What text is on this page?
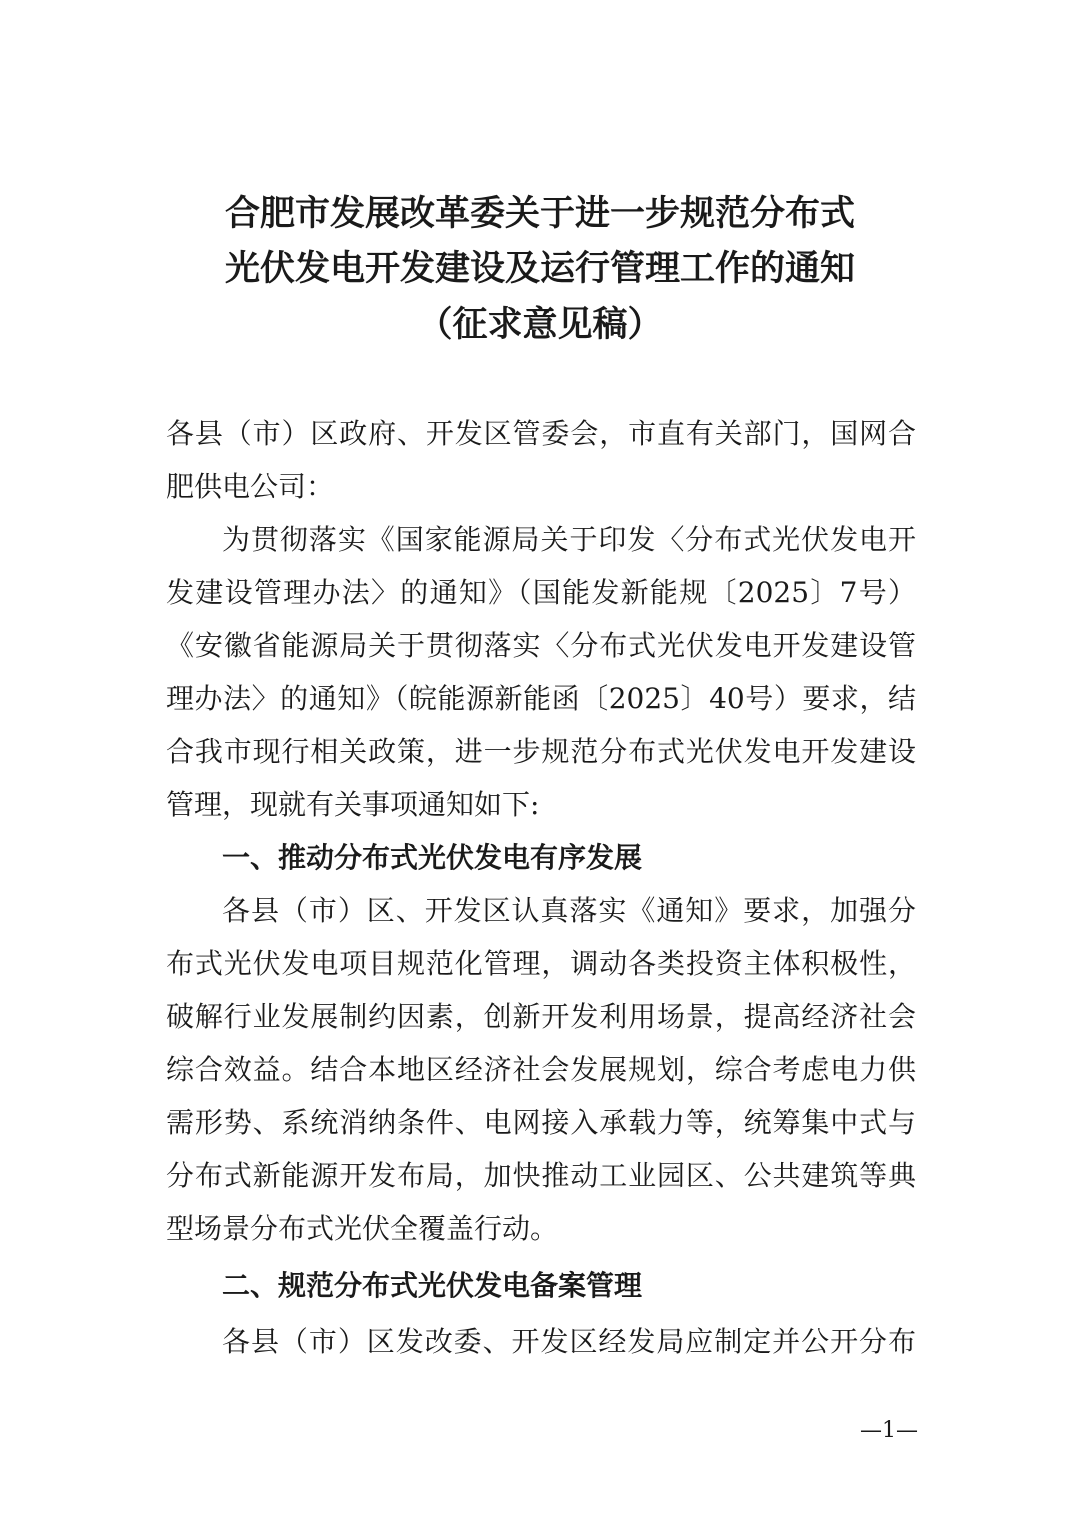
合肥市发展改革委关于进一步规范分布式
光伏发电开发建设及运行管理工作的通知
（征求意见稿）

各县（市）区政府、开发区管委会，市直有关部门，国网合

肥供电公司：

为贯彻落实《国家能源局关于印发〈分布式光伏发电开

发建设管理办法〉的通知》（国能发新能规〔2025〕7号）

《安徽省能源局关于贯彻落实〈分布式光伏发电开发建设管

理办法〉的通知》（皖能源新能函〔2025〕40号）要求，结

合我市现行相关政策，进一步规范分布式光伏发电开发建设

管理，现就有关事项通知如下:

一、推动分布式光伏发电有序发展

各县（市）区、开发区认真落实《通知》要求，加强分

布式光伏发电项目规范化管理，调动各类投资主体积极性，

破解行业发展制约因素，创新开发利用场景，提高经济社会

综合效益。结合本地区经济社会发展规划，综合考虑电力供

需形势、系统消纳条件、电网接入承载力等，统筹集中式与

分布式新能源开发布局，加快推动工业园区、公共建筑等典

型场景分布式光伏全覆盖行动。

二、规范分布式光伏发电备案管理

各县（市）区发改委、开发区经发局应制定并公开分布

—1—
